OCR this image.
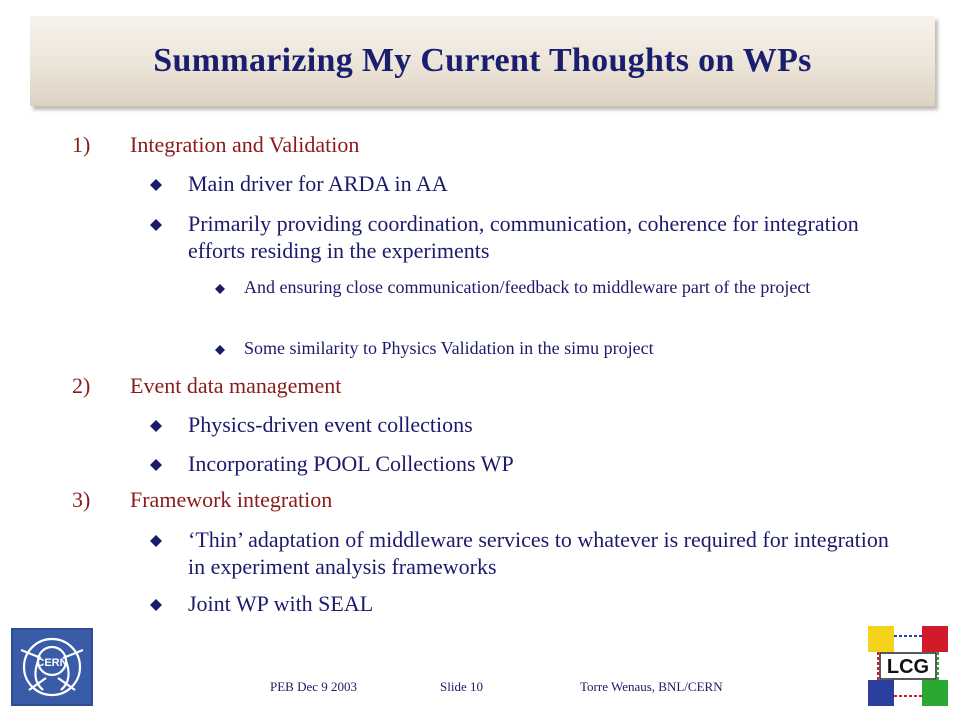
Summarizing My Current Thoughts on WPs
1) Integration and Validation
Main driver for ARDA in AA
Primarily providing coordination, communication, coherence for integration efforts residing in the experiments
And ensuring close communication/feedback to middleware part of the project
Some similarity to Physics Validation in the simu project
2) Event data management
Physics-driven event collections
Incorporating POOL Collections WP
3) Framework integration
‘Thin’ adaptation of middleware services to whatever is required for integration in experiment analysis frameworks
Joint WP with SEAL
PEB Dec 9 2003	Slide 10	Torre Wenaus, BNL/CERN
CERN	LCG
